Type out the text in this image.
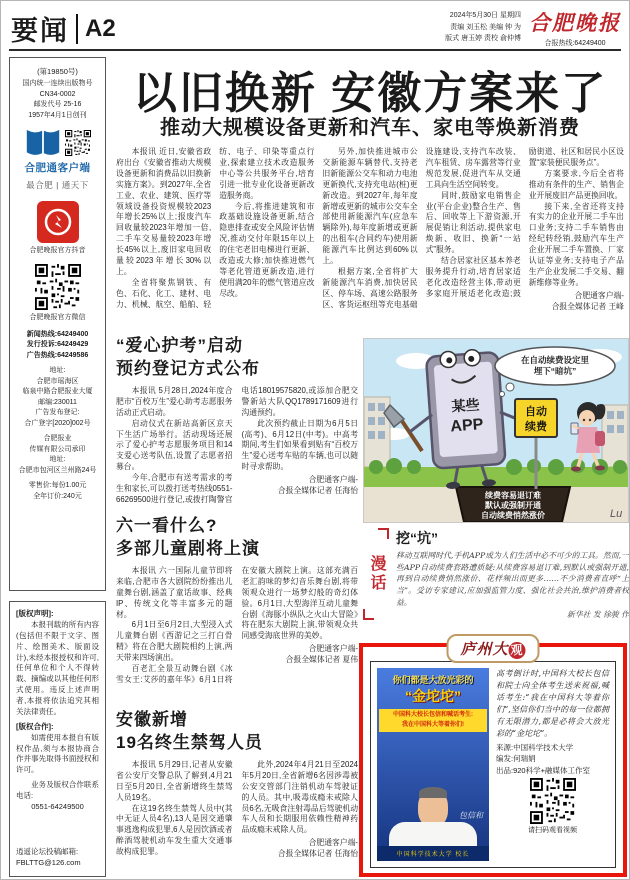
要闻 A2	2024年5月30日 星期四
责编 刘玉松 美编 钟 为
版式 唐玉婷 责校 俞仲博
合肥晚报
合报热线:64249400
(第19850号)
国内统一连续出版物号
CN34-0002
邮发代号 25-16
1957年4月1日创刊
合肥通客户端
最合肥 | 通天下
合肥晚报官方抖音
合肥晚报官方微信
新闻热线:64249400
发行投诉:64249429
广告热线:64249586
地址:
合肥市瑶海区
临泉中路合肥报业大厦
邮编:230011
广告发布登记:
合广登字[2020]002号
合肥报业
传媒有限公司承印
地址:
合肥市包河区兰州路24号
零售价:每份1.00元
全年订价:240元
[版权声明]:
本报刊载的所有内容(包括但不限于文字、图片、绘图美术、版面设计),未经本报授权和许可,任何单位和个人不得转载、摘编或以其他任何形式使用。违反上述声明者,本报将依法追究其相关法律责任。
[版权合作]:
如需使用本报自有版权作品,须与本报协商合作并事先取得书面授权和许可。
业务及版权合作联系电话:
0551-64249500
逍遥论坛投稿邮箱:
FBLTTG@126.com
以旧换新 安徽方案来了
推动大规模设备更新和汽车、家电等焕新消费

本报讯 近日,安徽省政府出台《安徽省推动大规模设备更新和消费品以旧换新实施方案》。到2027年,全省工业、农业、建筑、医疗等领域设备投资规模较2023年增长25%以上;报废汽车回收量较2023年增加一倍,二手车交易量较2023年增长45%以上,废旧家电回收量较2023年增长30%以上。

全省将聚焦钢铁、有色、石化、化工、建材、电力、机械、航空、船舶、轻纺、电子、印染等重点行业,探索建立技术改造服务中心等公共服务平台,培育引进一批专业化设备更新改造服务商。

今后,将推进建筑和市政基础设施设备更新,结合隐患排查或安全风险评估情况,推动交付年限15年以上的住宅老旧电梯进行更新、改造或大修;加快推进燃气等老化管道更新改造,进行使用满20年的燃气管道应改尽改。

另外,加快推进城市公交新能源车辆替代,支持老旧新能源公交车和动力电池更新换代,支持充电站(桩)更新改造。到2027年,每年度新增或更新的城市公交车全部使用新能源汽车(应急车辆除外),每年度新增或更新的出租车(合同约车)使用新能源汽车比例达到60%以上。

根据方案,全省将扩大新能源汽车消费,加快居民区、停车场、高速公路服务区、客货运枢纽等充电基础设施建设,支持汽车改装、汽车租赁、房车露营等行业规范发展,促进汽车从交通工具向生活空间转变。

同时,鼓励家电销售企业(平台企业)整合生产、售后、回收等上下游资源,开展促销让利活动,提供家电焕新、收旧、换新“一站式”服务。

结合居家社区基本养老服务提升行动,培育居家适老化改造经营主体,带动更多家庭开展适老化改造;鼓励街道、社区和居民小区设置“家装便民服务点”。

方案要求,今后全省将推动有条件的生产、销售企业开展废旧产品更换回收。

接下来,全省还将支持有实力的企业开展二手车出口业务;支持二手车销售由经纪转经销,鼓励汽车生产企业开展二手车置换、厂家认证等业务;支持电子产品生产企业发展二手交易、翻新维修等业务。

合肥通客户端-
合报全媒体记者 王峰

“爱心护考”启动
预约登记方式公布

本报讯 5月28日,2024年度合肥市“百校万生”爱心助考志愿服务活动正式启动。

启动仪式在新站高新区京天下生活广场举行。活动现场还展示了爱心护考志愿服务项目和14支爱心送考队伍,设置了志愿者招募台。

今年,合肥市有送考需求的考生和家长,可以拨打送考热线0551-66269500进行登记,或拨打陶警官电话18019575820,或添加合肥交警新站大队QQ1789171609进行沟通预约。

此次预约截止日期为6月5日(高考)、6月12日(中考)。中高考期间,考生们如果看到贴有“百校万生”爱心送考车贴的车辆,也可以随时寻求帮助。

合肥通客户端-
合报全媒体记者 任海怡

六一看什么?
多部儿童剧将上演

本报讯 六一国际儿童节即将来临,合肥市各大剧院纷纷推出儿童舞台剧,涵盖了童话故事、经典IP、传统文化等丰富多元的题材。

6月1日至6月2日,大型浸入式儿童舞台剧《西游记之三打白骨精》将在合肥大剧院相约上演,两天带来四场演出。

百老汇全景互动舞台剧《冰雪女王:艾莎的嘉年华》6月1日将在安徽大剧院上演。这部充满百老汇韵味的梦幻音乐舞台剧,将带领观众进行一场梦幻般的奇幻体验。6月1日,大型海洋互动儿童舞台剧《海豚小纵队之火山大冒险》将在肥东大剧院上演,带领观众共同感受海底世界的美妙。

合肥通客户端-
合报全媒体记者 夏伟

安徽新增
19名终生禁驾人员

本报讯 5月29日,记者从安徽省公安厅交警总队了解到,4月21日至5月20日,全省新增终生禁驾人员19名。

在这19名终生禁驾人员中(其中无证人员4名),13人是因交通肇事逃逸构成犯罪,6人是因饮酒或者醉酒驾驶机动车发生重大交通事故构成犯罪。

此外,2024年4月21日至2024年5月20日,全省新增6名因涉毒被公安交管部门注销机动车驾驶证的人员。其中,吸毒成瘾未戒除人员6名,无吸食注射毒品后驾驶机动车人员和长期服用依赖性精神药品成瘾未戒除人员。

合肥通客户端-
合报全媒体记者 任海怡

续费容易退订难
默认或强制开通
自动续费悄然涨价
某些
APP
在自动续费设定里
埋下“暗坑”
自动
续费
Lu
漫话
挖“坑”
移动互联网时代,手机APP成为人们生活中必不可少的工具。然而,一些APP自动续费套路遭质疑:从续费容易退订难,到默认或强制开通,再到自动续费悄然涨价、花样频出而更多……不少消费者直呼“上当”。受访专家建议,应加强监管力度、强化社会共治,维护消费者权益。
新华社 发 徐骏 作
庐州大 观
你们都是大放光彩的
“金坨坨”
中国科大校长包信和喊话考生:
我在中国科大等着你们!
包信和
中国科学技术大学 校长
高考倒计时,中国科大校长包信和院士向全体考生送来祝福,喊话考生:“我在中国科大等着你们”,坚信你们当中的每一位都拥有无限潜力,都是必将会大放光彩的“金坨坨”。
来源:中国科学技术大学
编发:何瑞娟
出品:920科学+融媒体工作室
请扫码观看视频
